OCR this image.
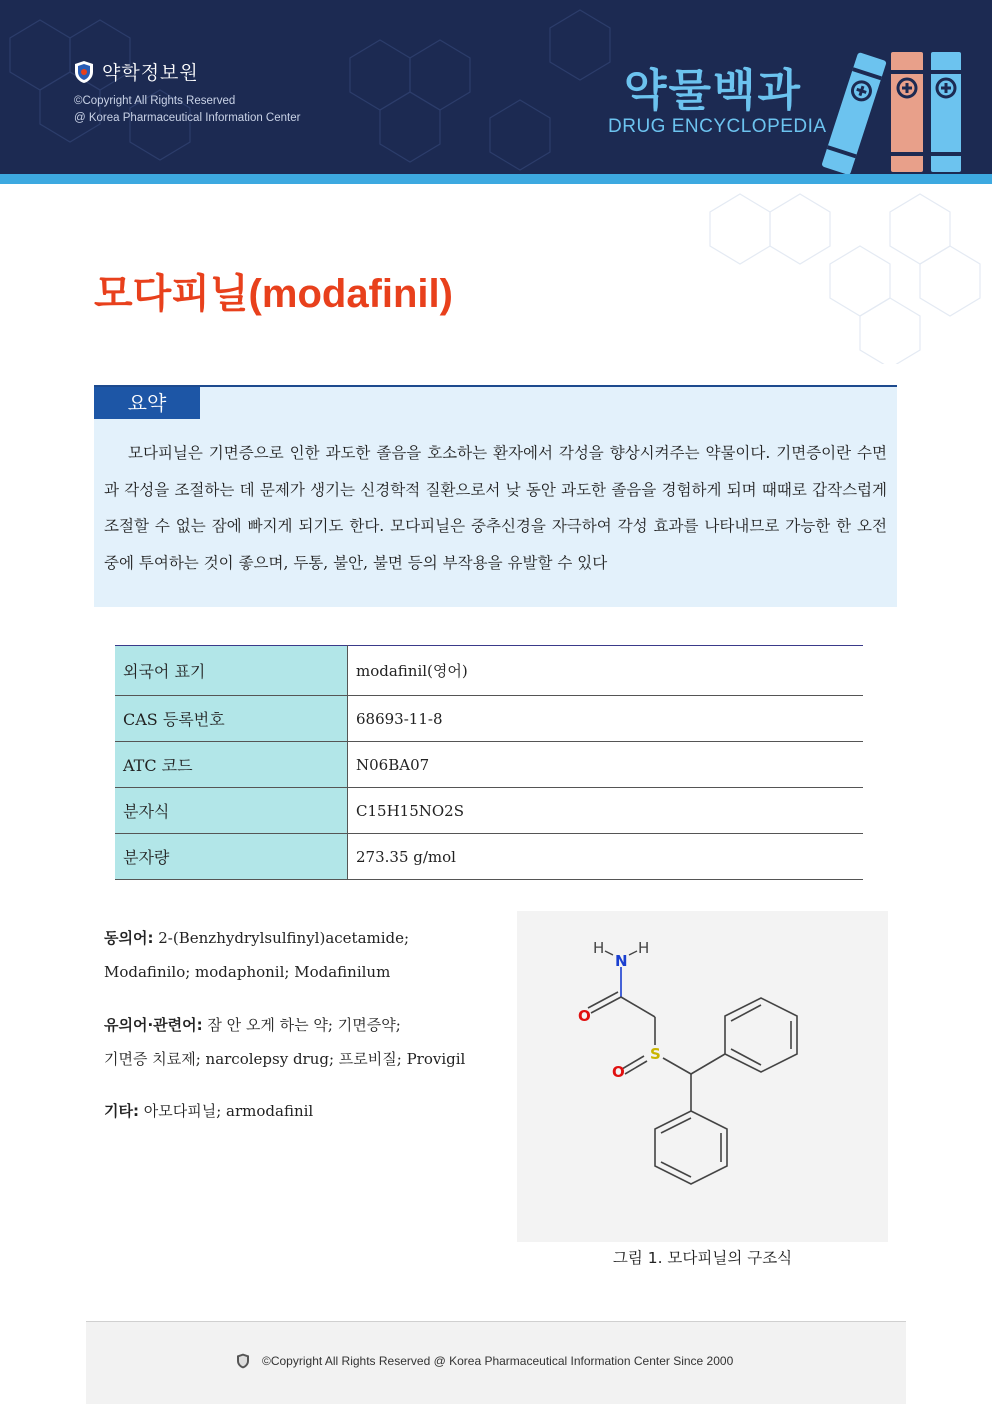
약학정보원
©Copyright All Rights Reserved
@ Korea Pharmaceutical Information Center
약물백과
DRUG ENCYCLOPEDIA
모다피닐(modafinil)
요약
모다피닐은 기면증으로 인한 과도한 졸음을 호소하는 환자에서 각성을 향상시켜주는 약물이다. 기면증이란 수면과 각성을 조절하는 데 문제가 생기는 신경학적 질환으로서 낮 동안 과도한 졸음을 경험하게 되며 때때로 갑작스럽게 조절할 수 없는 잠에 빠지게 되기도 한다. 모다피닐은 중추신경을 자극하여 각성 효과를 나타내므로 가능한 한 오전 중에 투여하는 것이 좋으며, 두통, 불안, 불면 등의 부작용을 유발할 수 있다
외국어 표기	modafinil(영어)
CAS 등록번호	68693-11-8
ATC 코드	N06BA07
분자식	C15H15NO2S
분자량	273.35 g/mol
동의어: 2-(Benzhydrylsulfinyl)acetamide;
Modafinilo; modaphonil; Modafinilum
유의어·관련어: 잠 안 오게 하는 약; 기면증약;
기면증 치료제; narcolepsy drug; 프로비질; Provigil
기타: 아모다피닐; armodafinil
H
N
H
O
S
O
그림 1. 모다피닐의 구조식
©Copyright All Rights Reserved @ Korea Pharmaceutical Information Center Since 2000
